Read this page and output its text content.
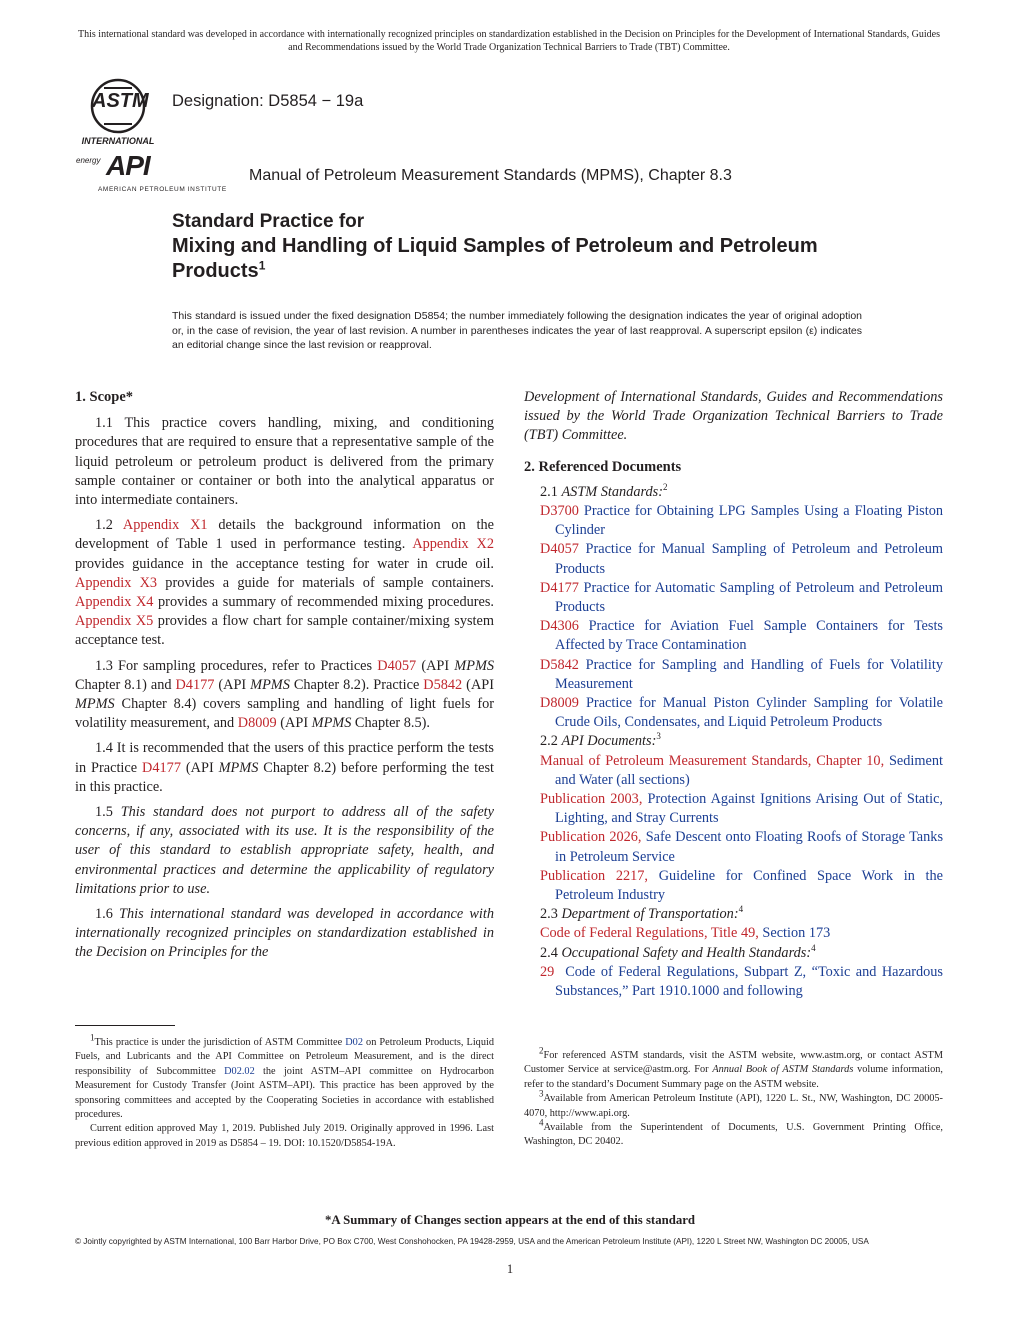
This international standard was developed in accordance with internationally recognized principles on standardization established in the Decision on Principles for the Development of International Standards, Guides and Recommendations issued by the World Trade Organization Technical Barriers to Trade (TBT) Committee.
ASTM
INTERNATIONAL
energy API
AMERICAN PETROLEUM INSTITUTE
Designation: D5854 − 19a
Manual of Petroleum Measurement Standards (MPMS), Chapter 8.3
Standard Practice for
Mixing and Handling of Liquid Samples of Petroleum and Petroleum Products$^1$
This standard is issued under the fixed designation D5854; the number immediately following the designation indicates the year of original adoption or, in the case of revision, the year of last revision. A number in parentheses indicates the year of last reapproval. A superscript epsilon (ε) indicates an editorial change since the last revision or reapproval.

1. Scope*

1.1 This practice covers handling, mixing, and conditioning procedures that are required to ensure that a representative sample of the liquid petroleum or petroleum product is delivered from the primary sample container or container or both into the analytical apparatus or into intermediate containers.

1.2 Appendix X1 details the background information on the development of Table 1 used in performance testing. Appendix X2 provides guidance in the acceptance testing for water in crude oil. Appendix X3 provides a guide for materials of sample containers. Appendix X4 provides a summary of recommended mixing procedures. Appendix X5 provides a flow chart for sample container/mixing system acceptance test.

1.3 For sampling procedures, refer to Practices D4057 (API MPMS Chapter 8.1) and D4177 (API MPMS Chapter 8.2). Practice D5842 (API MPMS Chapter 8.4) covers sampling and handling of light fuels for volatility measurement, and D8009 (API MPMS Chapter 8.5).

1.4 It is recommended that the users of this practice perform the tests in Practice D4177 (API MPMS Chapter 8.2) before performing the test in this practice.

1.5 This standard does not purport to address all of the safety concerns, if any, associated with its use. It is the responsibility of the user of this standard to establish appropriate safety, health, and environmental practices and determine the applicability of regulatory limitations prior to use.

1.6 This international standard was developed in accordance with internationally recognized principles on standardization established in the Decision on Principles for the

Development of International Standards, Guides and Recommendations issued by the World Trade Organization Technical Barriers to Trade (TBT) Committee.

2. Referenced Documents

2.1 ASTM Standards:$^2$

D3700 Practice for Obtaining LPG Samples Using a Floating Piston Cylinder

D4057 Practice for Manual Sampling of Petroleum and Petroleum Products

D4177 Practice for Automatic Sampling of Petroleum and Petroleum Products

D4306 Practice for Aviation Fuel Sample Containers for Tests Affected by Trace Contamination

D5842 Practice for Sampling and Handling of Fuels for Volatility Measurement

D8009 Practice for Manual Piston Cylinder Sampling for Volatile Crude Oils, Condensates, and Liquid Petroleum Products

2.2 API Documents:$^3$

Manual of Petroleum Measurement Standards, Chapter 10, Sediment and Water (all sections)

Publication 2003, Protection Against Ignitions Arising Out of Static, Lighting, and Stray Currents

Publication 2026, Safe Descent onto Floating Roofs of Storage Tanks in Petroleum Service

Publication 2217, Guideline for Confined Space Work in the Petroleum Industry

2.3 Department of Transportation:$^4$

Code of Federal Regulations, Title 49, Section 173

2.4 Occupational Safety and Health Standards:$^4$

29 Code of Federal Regulations, Subpart Z, “Toxic and Hazardous Substances,” Part 1910.1000 and following

$^1$This practice is under the jurisdiction of ASTM Committee D02 on Petroleum Products, Liquid Fuels, and Lubricants and the API Committee on Petroleum Measurement, and is the direct responsibility of Subcommittee D02.02 the joint ASTM–API committee on Hydrocarbon Measurement for Custody Transfer (Joint ASTM–API). This practice has been approved by the sponsoring committees and accepted by the Cooperating Societies in accordance with established procedures.

Current edition approved May 1, 2019. Published July 2019. Originally approved in 1996. Last previous edition approved in 2019 as D5854 – 19. DOI: 10.1520/D5854-19A.

$^2$For referenced ASTM standards, visit the ASTM website, www.astm.org, or contact ASTM Customer Service at service@astm.org. For Annual Book of ASTM Standards volume information, refer to the standard’s Document Summary page on the ASTM website.

$^3$Available from American Petroleum Institute (API), 1220 L. St., NW, Washington, DC 20005-4070, http://www.api.org.

$^4$Available from the Superintendent of Documents, U.S. Government Printing Office, Washington, DC 20402.

*A Summary of Changes section appears at the end of this standard
© Jointly copyrighted by ASTM International, 100 Barr Harbor Drive, PO Box C700, West Conshohocken, PA 19428-2959, USA and the American Petroleum Institute (API), 1220 L Street NW, Washington DC 20005, USA
1
